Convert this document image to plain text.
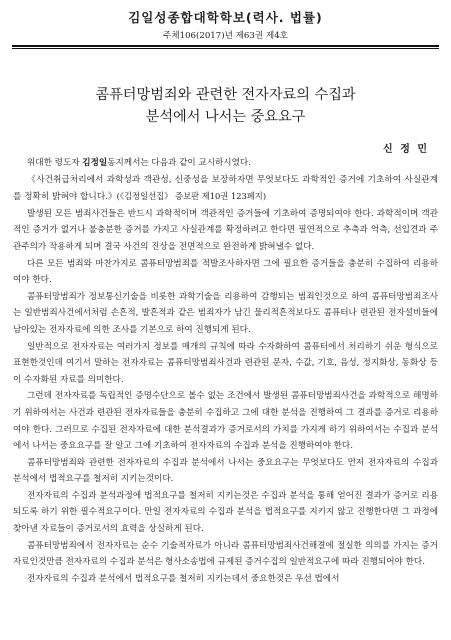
김일성종합대학학보(력사. 법률)
주체106(2017)년 제63권 제4호
콤퓨터망범죄와 관련한 전자자료의 수집과
분석에서 나서는 중요요구
신 정 민

위대한 령도자 김정일동지께서는 다음과 같이 교시하시였다.

《사건취급처리에서 과학성과 객관성, 신중성을 보장하자면 무엇보다도 과학적인 증거에 기초하여 사실관계를 정확히 밝혀야 합니다.》(《김정일선집》 증보판 제10권 123페지)

발생된 모든 범죄사건들은 반드시 과학적이며 객관적인 증거들에 기초하여 증명되여야 한다. 과학적이며 객관적인 증거가 없거나 불충분한 증거를 가지고 사실관계를 확정하려고 한다면 필연적으로 추측과 억측, 선입견과 주관주의가 작용하게 되며 결국 사건의 진상을 전면적으로 완전하게 밝혀낼수 없다.

다른 모든 범죄와 마찬가지로 콤퓨터망범죄를 적발조사하자면 그에 필요한 증거들을 충분히 수집하여 리용하여야 한다.

콤퓨터망범죄가 정보통신기술을 비롯한 과학기술을 리용하여 감행되는 범죄인것으로 하여 콤퓨터망범죄조사는 일반범죄사건에서처럼 손흔적, 발흔적과 같은 범죄자가 남긴 물리적흔적보다도 콤퓨터나 련관된 전자설비들에 남아있는 전자자료에 의한 조사를 기본으로 하여 진행되게 된다.

일반적으로 전자자료는 여러가지 정보를 매개의 규칙에 따라 수자화하여 콤퓨터에서 처리하기 쉬운 형식으로 표현한것인데 여기서 말하는 전자자료는 콤퓨터망범죄사건과 련관된 문자, 수값, 기호, 음성, 정지화상, 동화상 등이 수자화된 자료를 의미한다.

그런데 전자자료를 독립적인 증명수단으로 볼수 없는 조건에서 발생된 콤퓨터망범죄사건을 과학적으로 해명하기 위하여서는 사건과 련관된 전자자료들을 충분히 수집하고 그에 대한 분석을 진행하여 그 결과를 증거로 리용하여야 한다. 그러므로 수집된 전자자료에 대한 분석결과가 증거로서의 가치를 가지게 하기 위하여서는 수집과 분석에서 나서는 중요요구를 잘 알고 그에 기초하여 전자자료의 수집과 분석을 진행하여야 한다.

콤퓨터망범죄와 관련한 전자자료의 수집과 분석에서 나서는 중요요구는 무엇보다도 먼저 전자자료의 수집과 분석에서 법적요구를 철저히 지키는것이다.

전자자료의 수집과 분석과정에 법적요구를 철저히 지키는것은 수집과 분석을 통해 얻어진 결과가 증거로 리용되도록 하기 위한 필수적요구이다. 만일 전자자료의 수집과 분석을 법적요구를 지키지 않고 진행한다면 그 과정에 찾아낸 자료들이 증거로서의 효력을 상실하게 된다.

콤퓨터망범죄에서 전자자료는 순수 기술적자료가 아니라 콤퓨터망범죄사건해결에 절실한 의의를 가지는 증거자료인것만큼 전자자료의 수집과 분석은 형사소송법에 규제된 증거수집의 일반적요구에 따라 진행되어야 한다.

전자자료의 수집과 분석에서 법적요구를 철저히 지키는데서 중요한것은 우선 법에서
